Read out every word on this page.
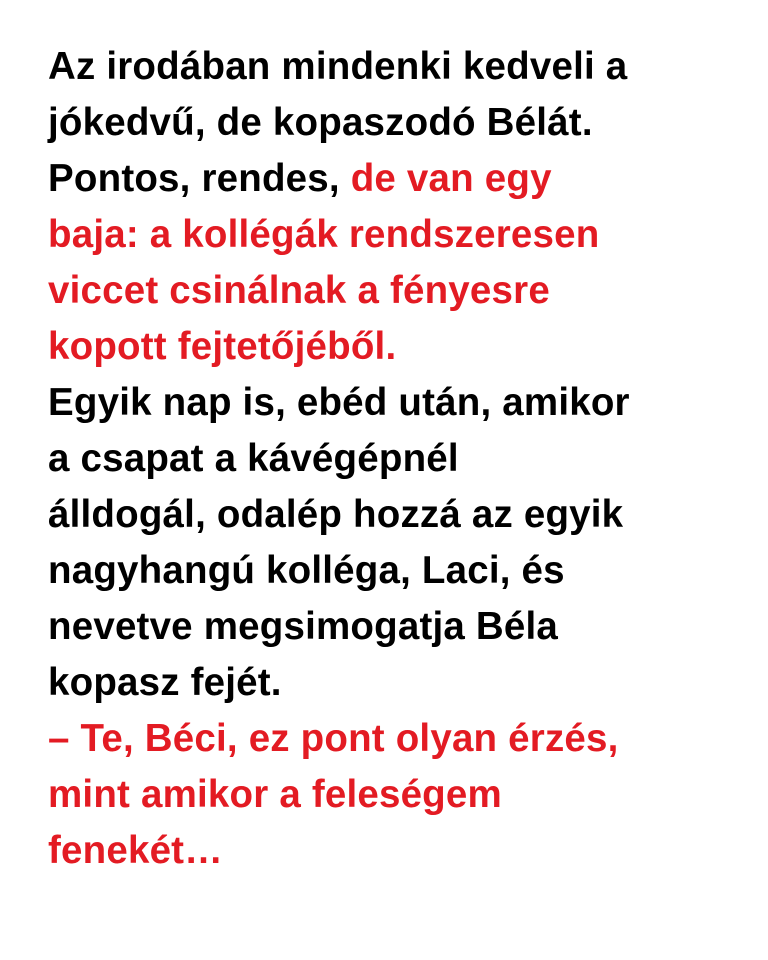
Az irodában mindenki kedveli a
jókedvű, de kopaszodó Bélát.
Pontos, rendes, de van egy
baja: a kollégák rendszeresen
viccet csinálnak a fényesre
kopott fejtetőjéből.
Egyik nap is, ebéd után, amikor
a csapat a kávégépnél
álldogál, odalép hozzá az egyik
nagyhangú kolléga, Laci, és
nevetve megsimogatja Béla
kopasz fejét.
– Te, Béci, ez pont olyan érzés,
mint amikor a feleségem
fenekét…
